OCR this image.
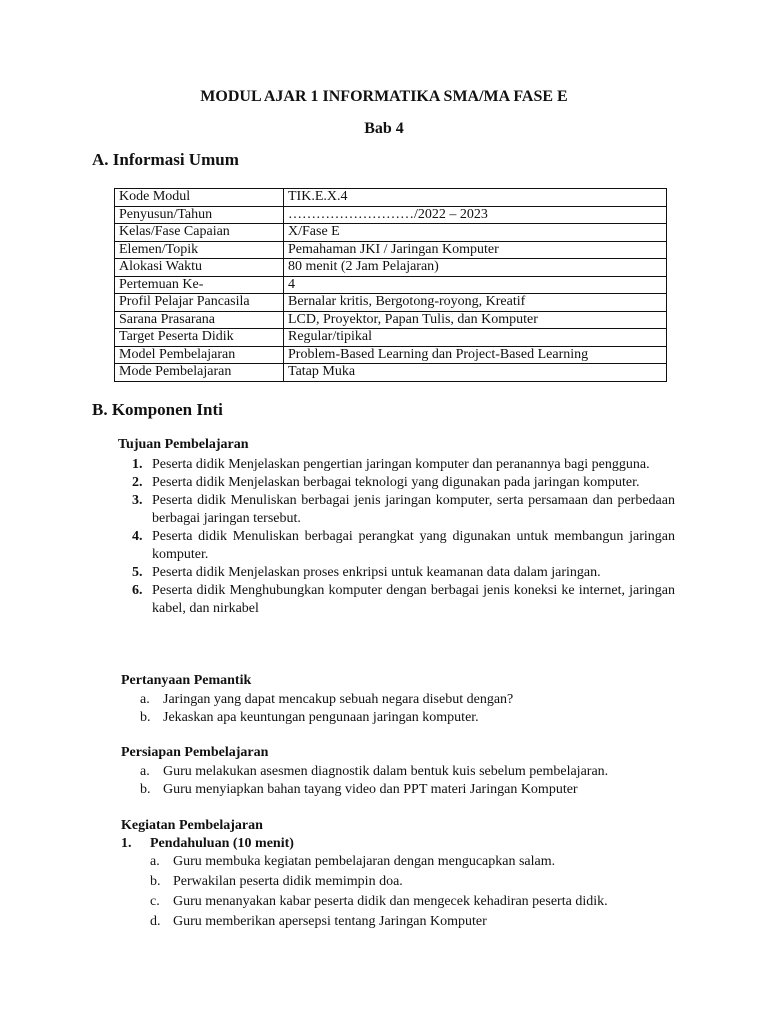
MODUL AJAR 1 INFORMATIKA SMA/MA FASE E
Bab 4
A. Informasi Umum
Kode Modul	TIK.E.X.4
Penyusun/Tahun	………………………/2022 – 2023
Kelas/Fase Capaian	X/Fase E
Elemen/Topik	Pemahaman JKI / Jaringan Komputer
Alokasi Waktu	80 menit (2 Jam Pelajaran)
Pertemuan Ke-	4
Profil Pelajar Pancasila	Bernalar kritis, Bergotong-royong, Kreatif
Sarana Prasarana	LCD, Proyektor, Papan Tulis, dan Komputer
Target Peserta Didik	Regular/tipikal
Model Pembelajaran	Problem-Based Learning dan Project-Based Learning
Mode Pembelajaran	Tatap Muka
B. Komponen Inti
Tujuan Pembelajaran
1. Peserta didik Menjelaskan pengertian jaringan komputer dan peranannya bagi pengguna.
2. Peserta didik Menjelaskan berbagai teknologi yang digunakan pada jaringan komputer.
3. Peserta didik Menuliskan berbagai jenis jaringan komputer, serta persamaan dan perbedaan berbagai jaringan tersebut.
4. Peserta didik Menuliskan berbagai perangkat yang digunakan untuk membangun jaringan komputer.
5. Peserta didik Menjelaskan proses enkripsi untuk keamanan data dalam jaringan.
6. Peserta didik Menghubungkan komputer dengan berbagai jenis koneksi ke internet, jaringan kabel, dan nirkabel
Pertanyaan Pemantik
a. Jaringan yang dapat mencakup sebuah negara disebut dengan?
b. Jekaskan apa keuntungan pengunaan jaringan komputer.
Persiapan Pembelajaran
a. Guru melakukan asesmen diagnostik dalam bentuk kuis sebelum pembelajaran.
b. Guru menyiapkan bahan tayang video dan PPT materi Jaringan Komputer
Kegiatan Pembelajaran
1. Pendahuluan (10 menit)
a. Guru membuka kegiatan pembelajaran dengan mengucapkan salam.
b. Perwakilan peserta didik memimpin doa.
c. Guru menanyakan kabar peserta didik dan mengecek kehadiran peserta didik.
d. Guru memberikan apersepsi tentang Jaringan Komputer
